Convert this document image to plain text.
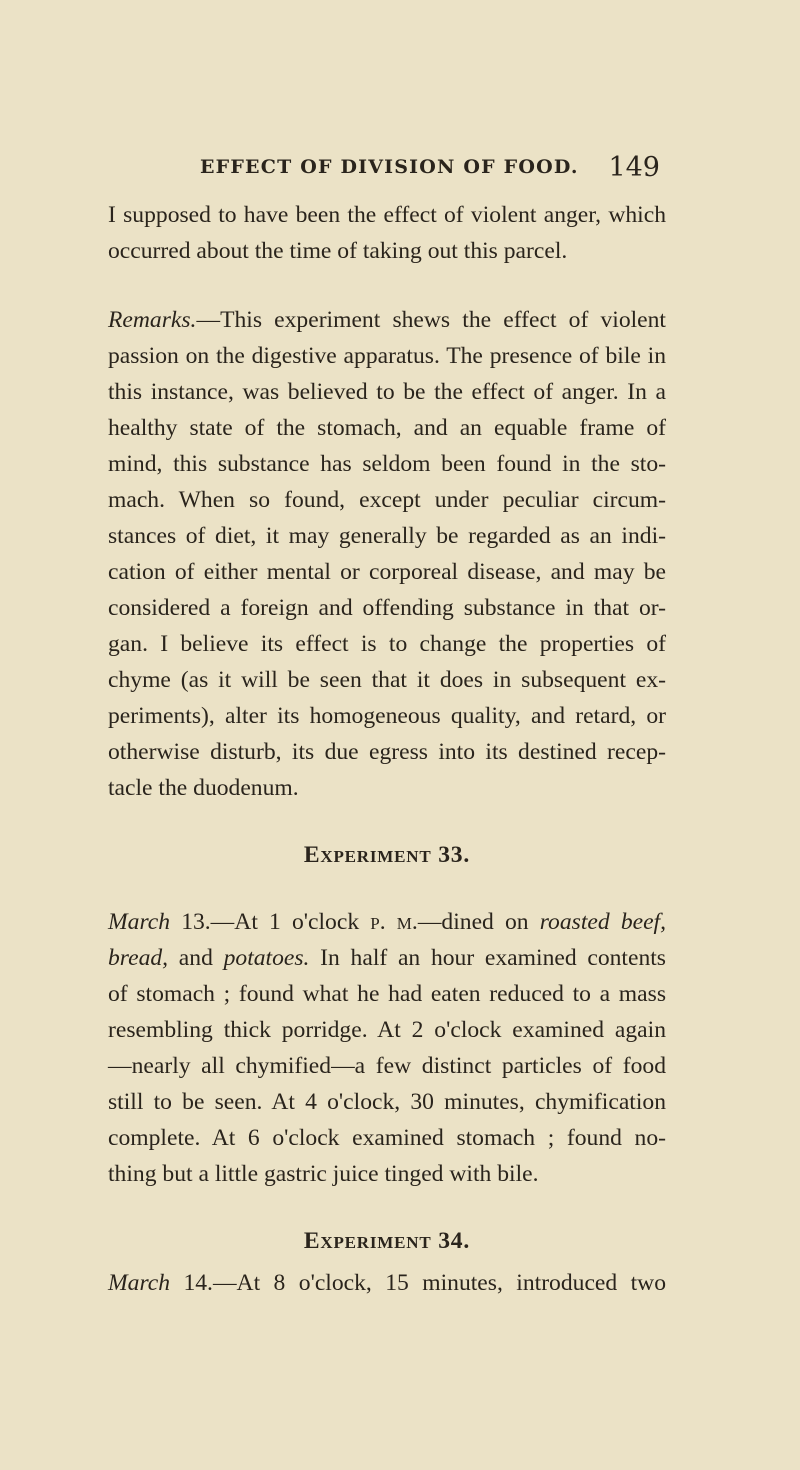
EFFECT OF DIVISION OF FOOD. 149

I supposed to have been the effect of violent anger, which
occurred about the time of taking out this parcel.

Remarks.—This experiment shews the effect of violent
passion on the digestive apparatus. The presence of bile in
this instance, was believed to be the effect of anger. In a
healthy state of the stomach, and an equable frame of
mind, this substance has seldom been found in the sto-
mach. When so found, except under peculiar circum-
stances of diet, it may generally be regarded as an indi-
cation of either mental or corporeal disease, and may be
considered a foreign and offending substance in that or-
gan. I believe its effect is to change the properties of
chyme (as it will be seen that it does in subsequent ex-
periments), alter its homogeneous quality, and retard, or
otherwise disturb, its due egress into its destined recep-
tacle the duodenum.

Experiment 33.

March 13.—At 1 o'clock p. m.—dined on roasted beef,
bread, and potatoes. In half an hour examined contents
of stomach ; found what he had eaten reduced to a mass
resembling thick porridge. At 2 o'clock examined again
—nearly all chymified—a few distinct particles of food
still to be seen. At 4 o'clock, 30 minutes, chymification
complete. At 6 o'clock examined stomach ; found no-
thing but a little gastric juice tinged with bile.

Experiment 34.

March 14.—At 8 o'clock, 15 minutes, introduced two
